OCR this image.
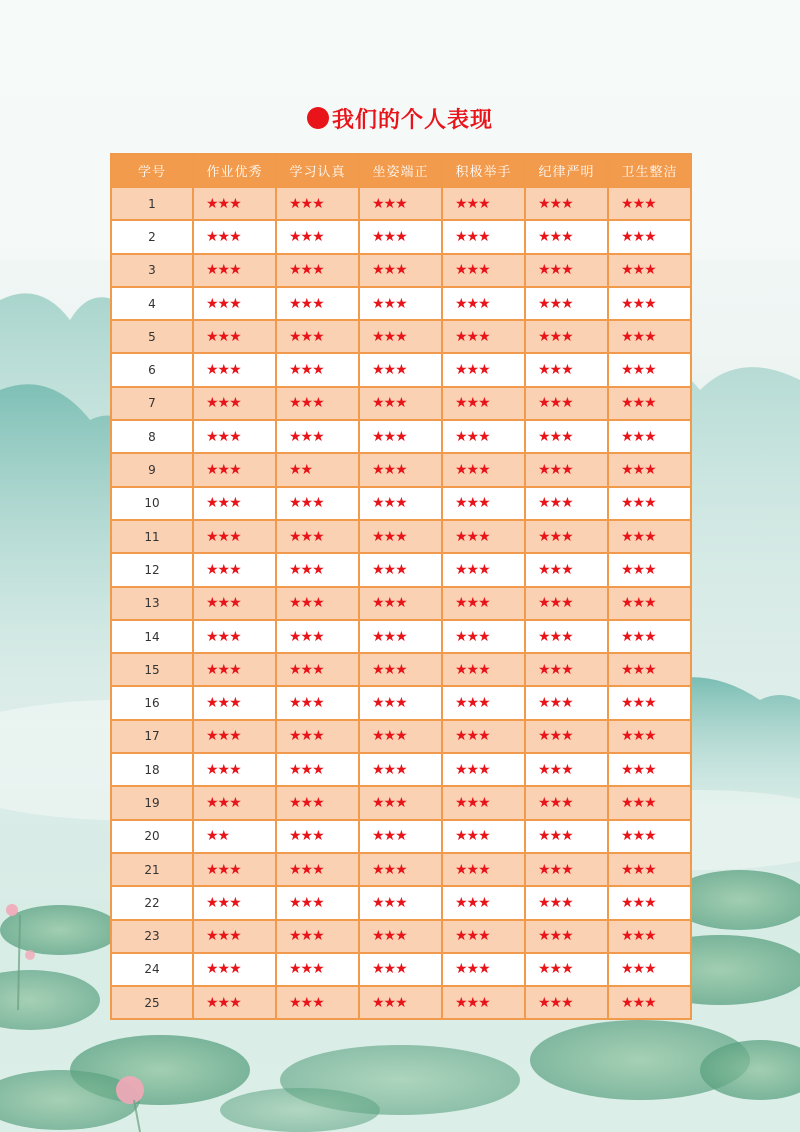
我们的个人表现
学号	作业优秀	学习认真	坐姿端正	积极举手	纪律严明	卫生整洁
1	★★★	★★★	★★★	★★★	★★★	★★★
2	★★★	★★★	★★★	★★★	★★★	★★★
3	★★★	★★★	★★★	★★★	★★★	★★★
4	★★★	★★★	★★★	★★★	★★★	★★★
5	★★★	★★★	★★★	★★★	★★★	★★★
6	★★★	★★★	★★★	★★★	★★★	★★★
7	★★★	★★★	★★★	★★★	★★★	★★★
8	★★★	★★★	★★★	★★★	★★★	★★★
9	★★★	★★	★★★	★★★	★★★	★★★
10	★★★	★★★	★★★	★★★	★★★	★★★
11	★★★	★★★	★★★	★★★	★★★	★★★
12	★★★	★★★	★★★	★★★	★★★	★★★
13	★★★	★★★	★★★	★★★	★★★	★★★
14	★★★	★★★	★★★	★★★	★★★	★★★
15	★★★	★★★	★★★	★★★	★★★	★★★
16	★★★	★★★	★★★	★★★	★★★	★★★
17	★★★	★★★	★★★	★★★	★★★	★★★
18	★★★	★★★	★★★	★★★	★★★	★★★
19	★★★	★★★	★★★	★★★	★★★	★★★
20	★★	★★★	★★★	★★★	★★★	★★★
21	★★★	★★★	★★★	★★★	★★★	★★★
22	★★★	★★★	★★★	★★★	★★★	★★★
23	★★★	★★★	★★★	★★★	★★★	★★★
24	★★★	★★★	★★★	★★★	★★★	★★★
25	★★★	★★★	★★★	★★★	★★★	★★★
